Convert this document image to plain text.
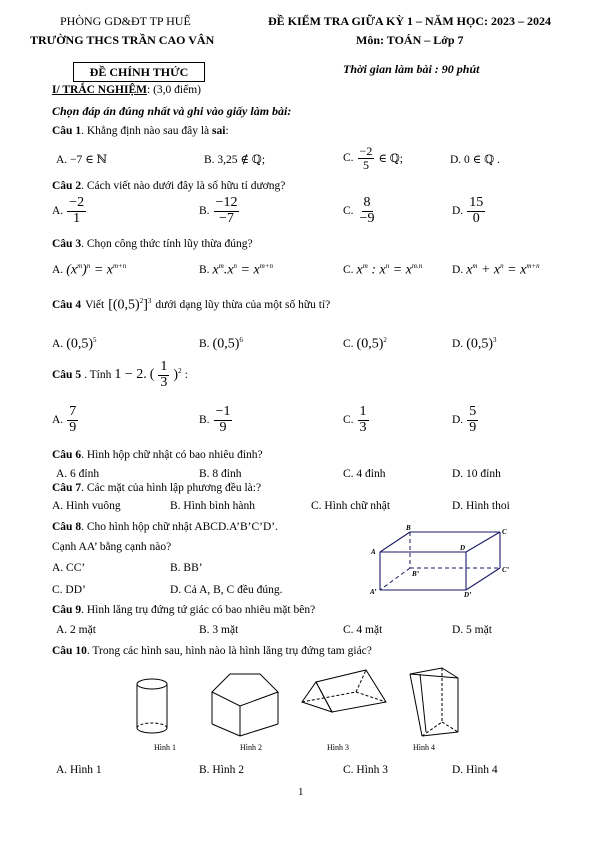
PHÒNG GD&ĐT TP HUẾ
TRƯỜNG THCS TRẦN CAO VÂN
ĐỀ KIỂM TRA GIỮA KỲ 1 – NĂM HỌC: 2023 – 2024
Môn: TOÁN – Lớp 7
ĐỀ CHÍNH THỨC	Thời gian làm bài : 90 phút
I/ TRẮC NGHIỆM: (3,0 điểm)
Chọn đáp án đúng nhất và ghi vào giấy làm bài:
Câu 1. Khẳng định nào sau đây là sai:
A. −7 ∈ ℕ	B. 3,25 ∉ ℚ;	C. $\frac{-2}{5}$ ∈ ℚ;	D. 0 ∈ ℚ .
Câu 2. Cách viết nào dưới đây là số hữu tỉ dương?
A. $\frac{-2}{1}$	B. $\frac{-12}{-7}$	C. $\frac{8}{-9}$	D. $\frac{15}{0}$
Câu 3. Chọn công thức tính lũy thừa đúng?
A. $(x^m)^n = x^{m+n}$	B. $x^m.x^n = x^{m+n}$	C. $x^m$ : $x^n = x^{m.n}$	D. $x^m + x^n = x^{m+n}$
Câu 4 Viết $[(0,5)^2]^3$ dưới dạng lũy thừa của một số hữu tỉ?
A. $(0,5)^5$	B. $(0,5)^6$	C. $(0,5)^2$	D. $(0,5)^3$
Câu 5 . Tính 1 − 2. ( $\frac{1}{3} )^2$ :
A. $\frac{7}{9}$	B. $\frac{-1}{9}$	C. $\frac{1}{3}$	D. $\frac{5}{9}$
Câu 6. Hình hộp chữ nhật có bao nhiêu đỉnh?
A. 6 đỉnh	B. 8 đỉnh	C. 4 đỉnh	D. 10 đỉnh
Câu 7. Các mặt của hình lập phương đều là:?
A. Hình vuông	B. Hình bình hành	C. Hình chữ nhật	D. Hình thoi
Câu 8. Cho hình hộp chữ nhật ABCD.A’B’C’D’.
Cạnh AA’ bằng cạnh nào?
A. CC’	B. BB’
C. DD’	D. Cả A, B, C đều đúng.
B	C
A	D
B’	C’
A’	D’
Câu 9. Hình lăng trụ đứng tứ giác có bao nhiêu mặt bên?
A. 2 mặt	B. 3 mặt	C. 4 mặt	D. 5 mặt
Câu 10. Trong các hình sau, hình nào là hình lăng trụ đứng tam giác?
Hình 1	Hình 2	Hình 3	Hình 4
A. Hình 1	B. Hình 2	C. Hình 3	D. Hình 4
1
